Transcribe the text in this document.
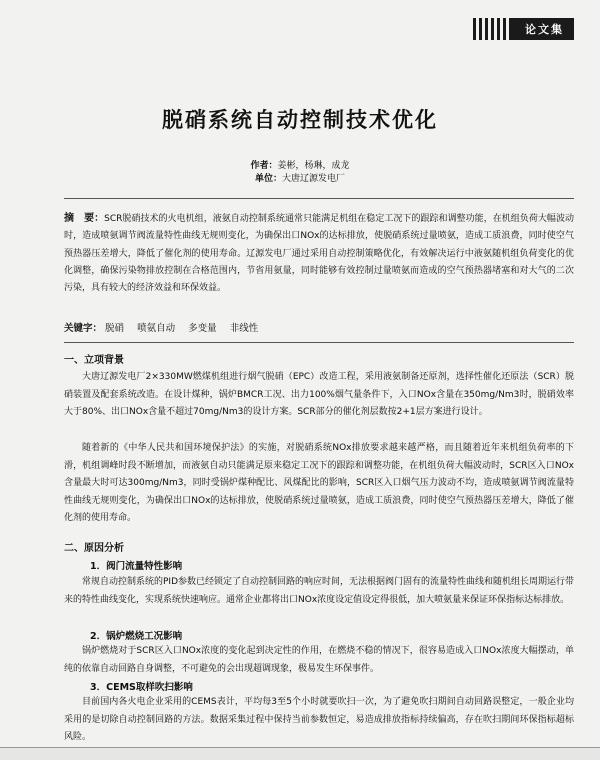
论文集
脱硝系统自动控制技术优化
作者：姜彬，杨琳，成龙
单位：大唐辽源发电厂
摘　要：SCR脱硝技术的火电机组，液氨自动控制系统通常只能满足机组在稳定工况下的跟踪和调整功能，在机组负荷大幅波动时，造成喷氨调节阀流量特性曲线无规则变化，为确保出口NOx的达标排放，使脱硝系统过量喷氨，造成工质浪费，同时使空气预热器压差增大，降低了催化剂的使用寿命。辽源发电厂通过采用自动控制策略优化，有效解决运行中液氨随机组负荷变化的优化调整，确保污染物排放控制在合格范围内，节省用氨量，同时能够有效控制过量喷氨而造成的空气预热器堵塞和对大气的二次污染，具有较大的经济效益和环保效益。
关键字： 脱硝 喷氨自动 多变量 非线性
一、立项背景
大唐辽源发电厂2×330MW燃煤机组进行烟气脱硝（EPC）改造工程，采用液氨制备还原剂，选择性催化还原法（SCR）脱硝装置及配套系统改造。在设计煤种，锅炉BMCR工况、出力100%烟气量条件下，入口NOx含量在350mg/Nm3时，脱硝效率大于80%、出口NOx含量不超过70mg/Nm3的设计方案。SCR部分的催化剂层数按2+1层方案进行设计。
随着新的《中华人民共和国环境保护法》的实施，对脱硝系统NOx排放要求越来越严格，而且随着近年来机组负荷率的下滑，机组调峰时段不断增加，而液氨自动只能满足原来稳定工况下的跟踪和调整功能，在机组负荷大幅波动时，SCR区入口NOx含量最大时可达300mg/Nm3，同时受锅炉煤种配比、风煤配比的影响，SCR区入口烟气压力波动不均，造成喷氨调节阀流量特性曲线无规则变化，为确保出口NOx的达标排放，使脱硝系统过量喷氨，造成工质浪费，同时使空气预热器压差增大，降低了催化剂的使用寿命。
二、原因分析
1．阀门流量特性影响
常规自动控制系统的PID参数已经锁定了自动控制回路的响应时间，无法根据阀门固有的流量特性曲线和随机组长周期运行带来的特性曲线变化，实现系统快速响应。通常企业都将出口NOx浓度设定值设定得很低，加大喷氨量来保证环保指标达标排放。
2．锅炉燃烧工况影响
锅炉燃烧对于SCR区入口NOx浓度的变化起到决定性的作用，在燃烧不稳的情况下，很容易造成入口NOx浓度大幅摆动，单纯的依靠自动回路自身调整，不可避免的会出现超调现象，极易发生环保事件。
3．CEMS取样吹扫影响
目前国内各火电企业采用的CEMS表计，平均每3至5个小时就要吹扫一次，为了避免吹扫期间自动回路误整定，一般企业均采用的是切除自动控制回路的方法。数据采集过程中保持当前参数恒定，易造成排放指标持续偏高，存在吹扫期间环保指标超标风险。
